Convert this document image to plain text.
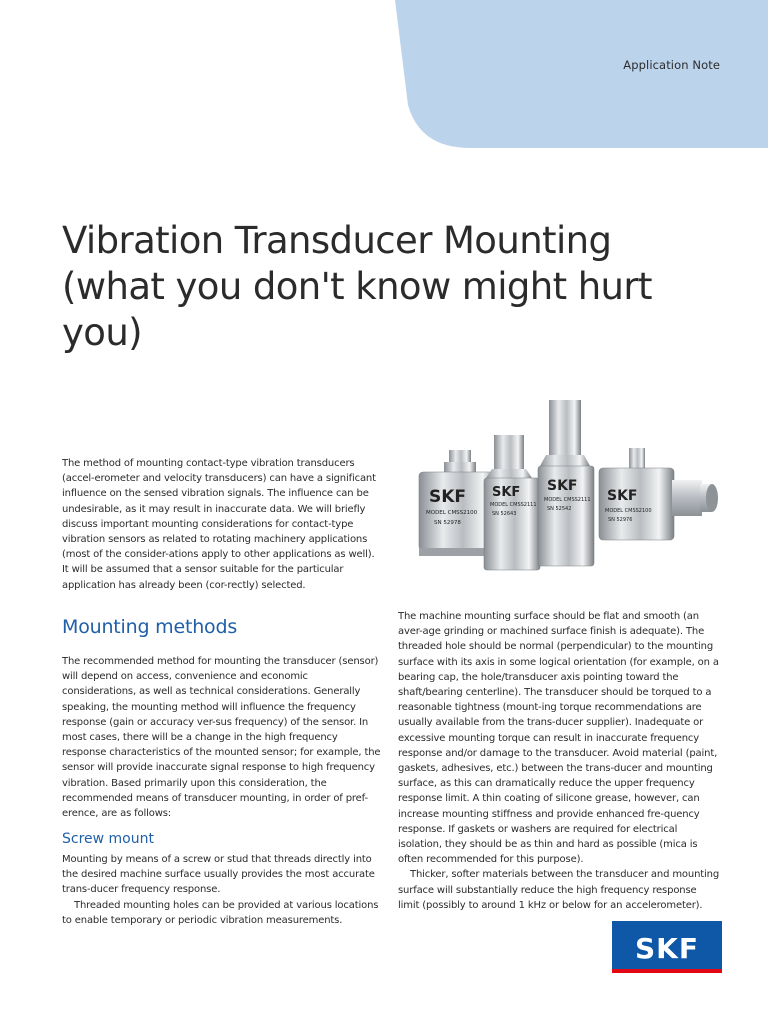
Application Note
Vibration Transducer Mounting (what you don't know might hurt you)

The method of mounting contact-type vibration transducers (accel-erometer and velocity transducers) can have a significant influence on the sensed vibration signals. The influence can be undesirable, as it may result in inaccurate data. We will briefly discuss important mounting considerations for contact-type vibration sensors as related to rotating machinery applications (most of the consider-ations apply to other applications as well). It will be assumed that a sensor suitable for the particular application has already been (cor-rectly) selected.

SKF
MODEL CMSS2100
SN 52978
SKF
MODEL CMSS2111
SN 52643
SKF
MODEL CMSS2111
SN 52542
SKF
MODEL CMSS2100
SN 52976
Mounting methods

The recommended method for mounting the transducer (sensor) will depend on access, convenience and economic considerations, as well as technical considerations. Generally speaking, the mounting method will influence the frequency response (gain or accuracy ver-sus frequency) of the sensor. In most cases, there will be a change in the high frequency response characteristics of the mounted sensor; for example, the sensor will provide inaccurate signal response to high frequency vibration. Based primarily upon this consideration, the recommended means of transducer mounting, in order of pref-erence, are as follows:

Screw mount

Mounting by means of a screw or stud that threads directly into the desired machine surface usually provides the most accurate trans-ducer frequency response.

Threaded mounting holes can be provided at various locations to enable temporary or periodic vibration measurements.

The machine mounting surface should be flat and smooth (an aver-age grinding or machined surface finish is adequate). The threaded hole should be normal (perpendicular) to the mounting surface with its axis in some logical orientation (for example, on a bearing cap, the hole/transducer axis pointing toward the shaft/bearing centerline). The transducer should be torqued to a reasonable tightness (mount-ing torque recommendations are usually available from the trans-ducer supplier). Inadequate or excessive mounting torque can result in inaccurate frequency response and/or damage to the transducer. Avoid material (paint, gaskets, adhesives, etc.) between the trans-ducer and mounting surface, as this can dramatically reduce the upper frequency response limit. A thin coating of silicone grease, however, can increase mounting stiffness and provide enhanced fre-quency response. If gaskets or washers are required for electrical isolation, they should be as thin and hard as possible (mica is often recommended for this purpose).

Thicker, softer materials between the transducer and mounting surface will substantially reduce the high frequency response limit (possibly to around 1 kHz or below for an accelerometer).

SKF
